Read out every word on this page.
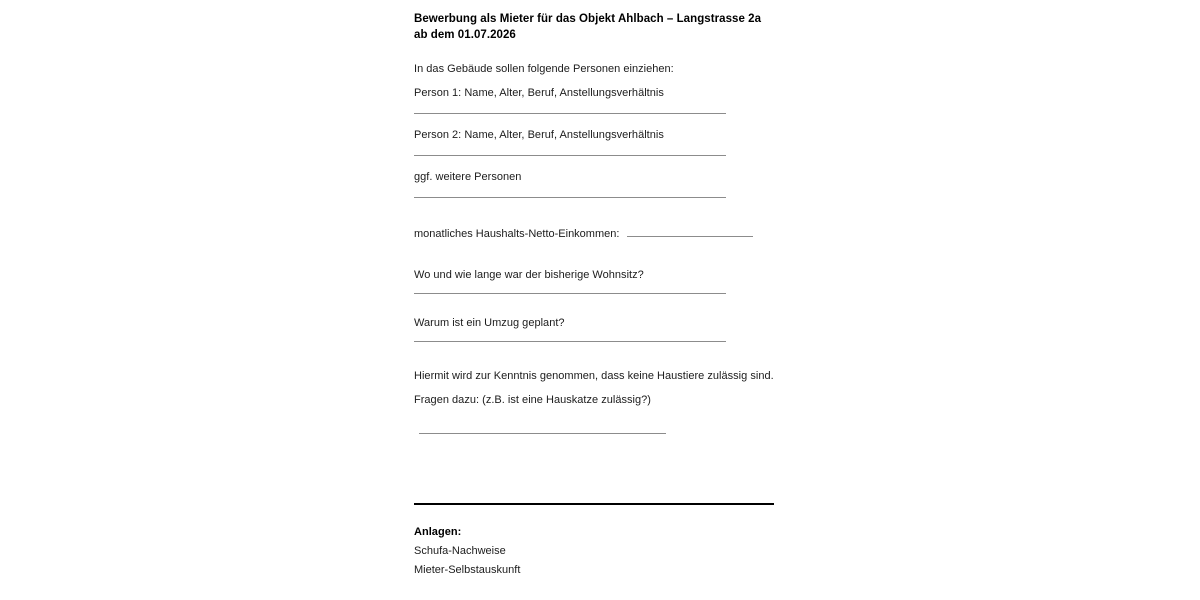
Bewerbung als Mieter für das Objekt Ahlbach – Langstrasse 2a
ab dem 01.07.2026
In das Gebäude sollen folgende Personen einziehen:
Person 1: Name, Alter, Beruf, Anstellungsverhältnis
Person 2: Name, Alter, Beruf, Anstellungsverhältnis
ggf. weitere Personen
monatliches Haushalts-Netto-Einkommen:
Wo und wie lange war der bisherige Wohnsitz?
Warum ist ein Umzug geplant?
Hiermit wird zur Kenntnis genommen, dass keine Haustiere zulässig sind.
Fragen dazu: (z.B. ist eine Hauskatze zulässig?)
Anlagen:
Schufa-Nachweise
Mieter-Selbstauskunft
